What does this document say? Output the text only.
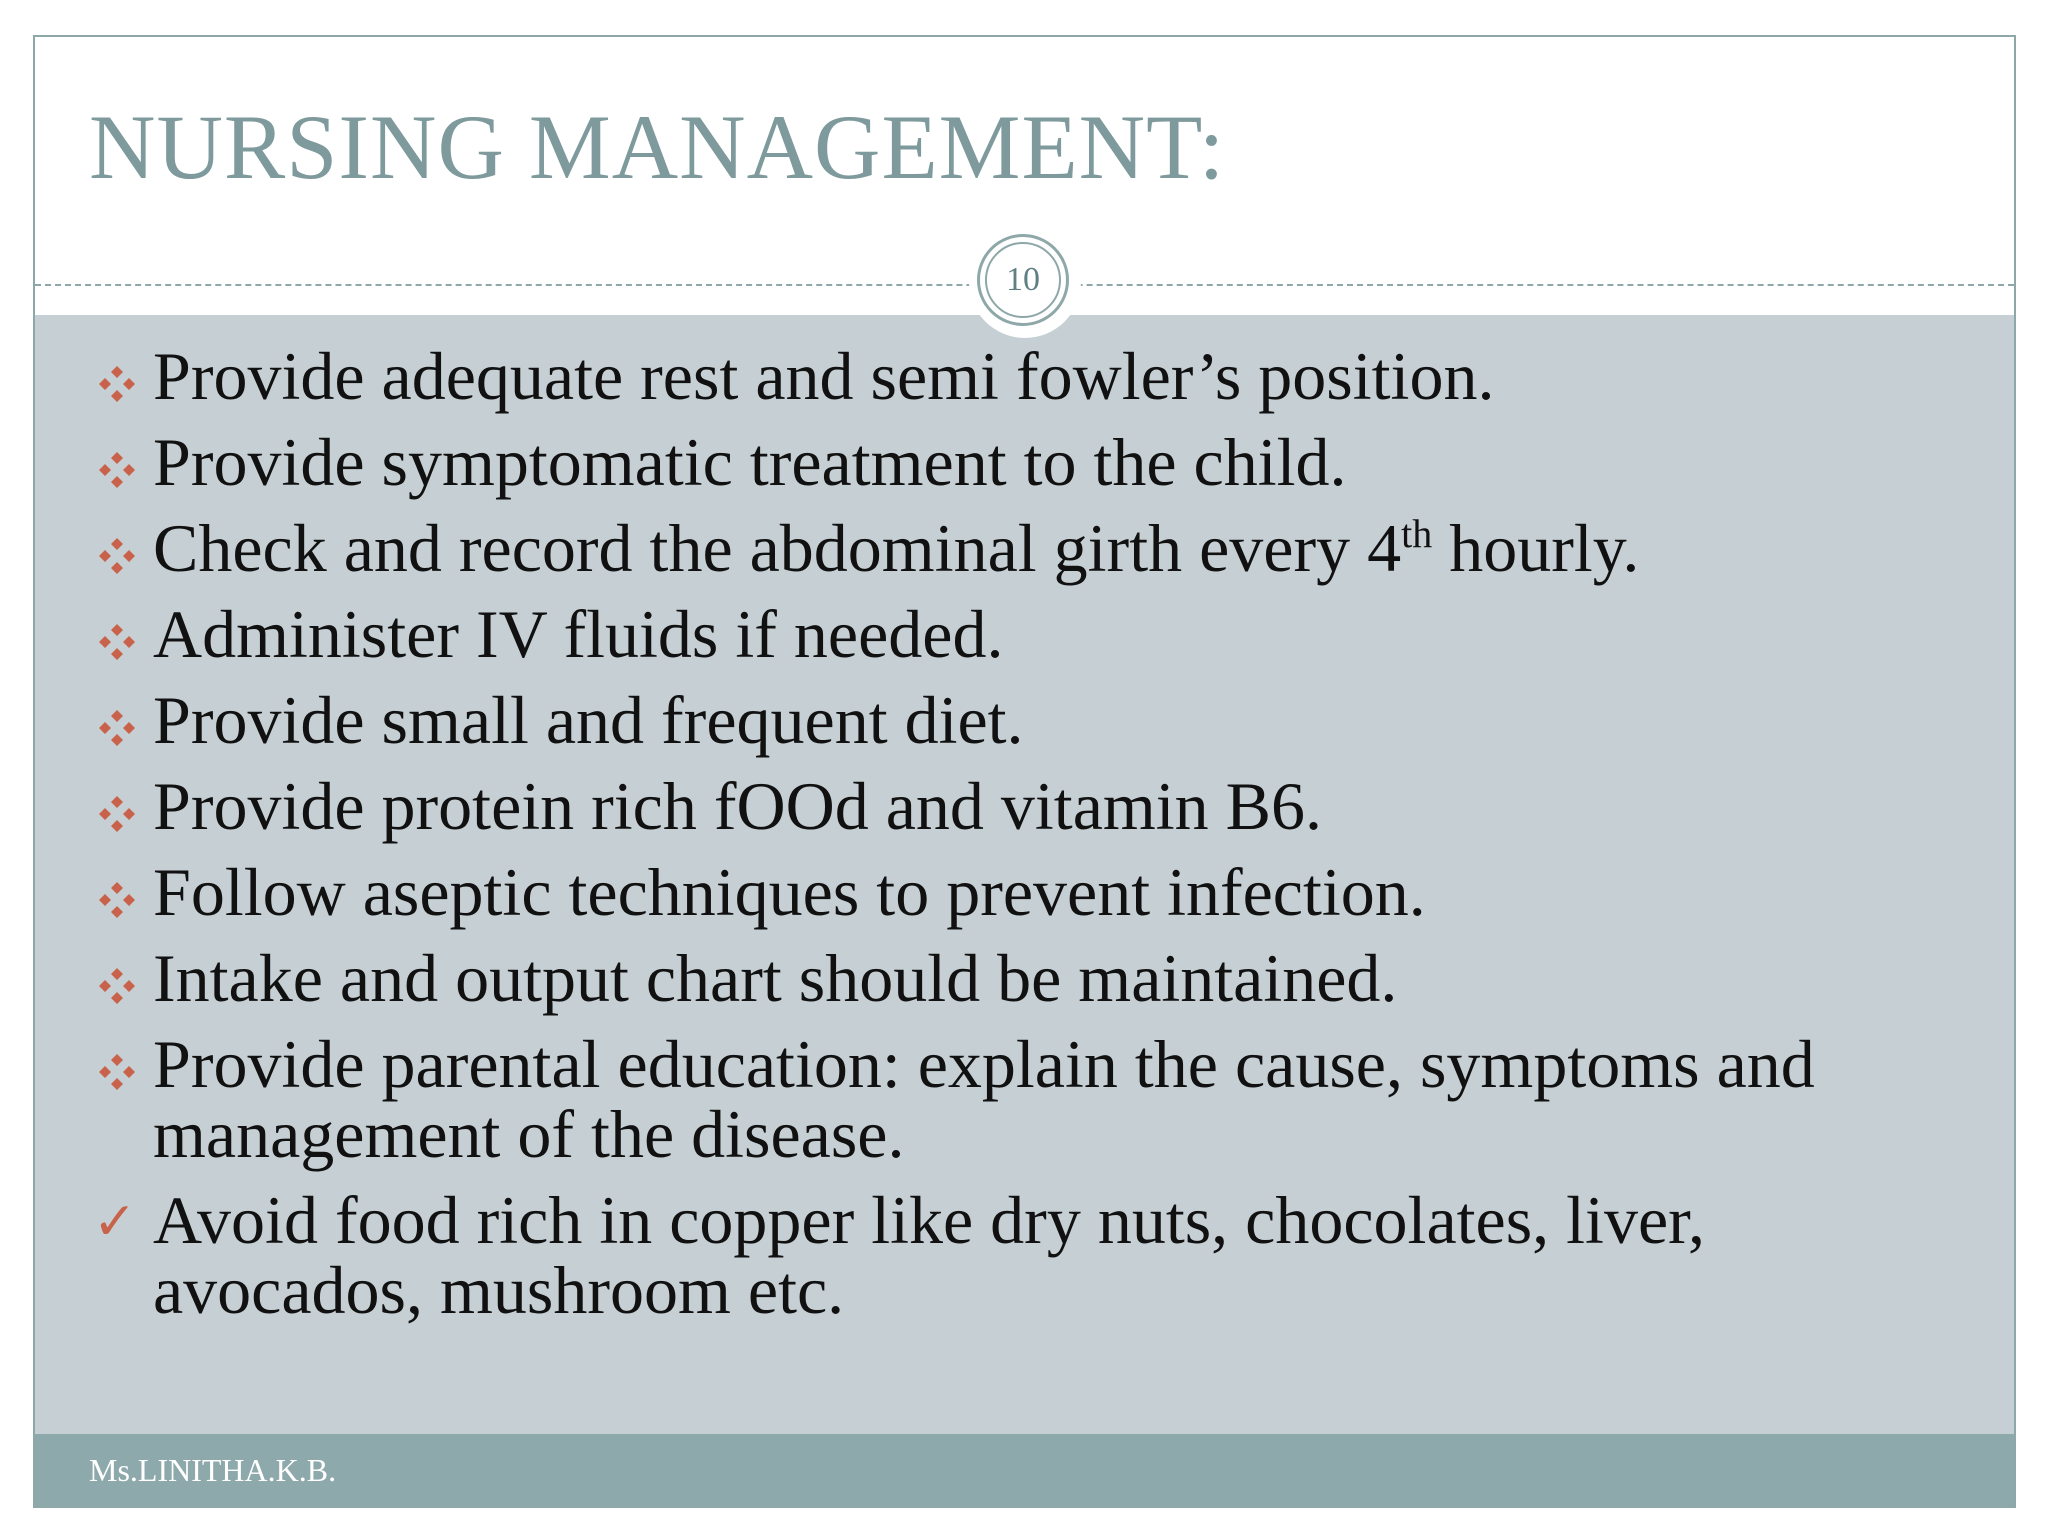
NURSING MANAGEMENT:
10
Provide adequate rest and semi fowler’s position.
Provide symptomatic treatment to the child.
Check and record the abdominal girth every 4th hourly.
Administer IV fluids if needed.
Provide small and frequent diet.
Provide protein rich fOOd and vitamin B6.
Follow aseptic techniques to prevent infection.
Intake and output chart should be maintained.
Provide parental education: explain the cause, symptoms and management of the disease.
✓ Avoid food rich in copper like dry nuts, chocolates, liver, avocados, mushroom etc.
Ms.LINITHA.K.B.
